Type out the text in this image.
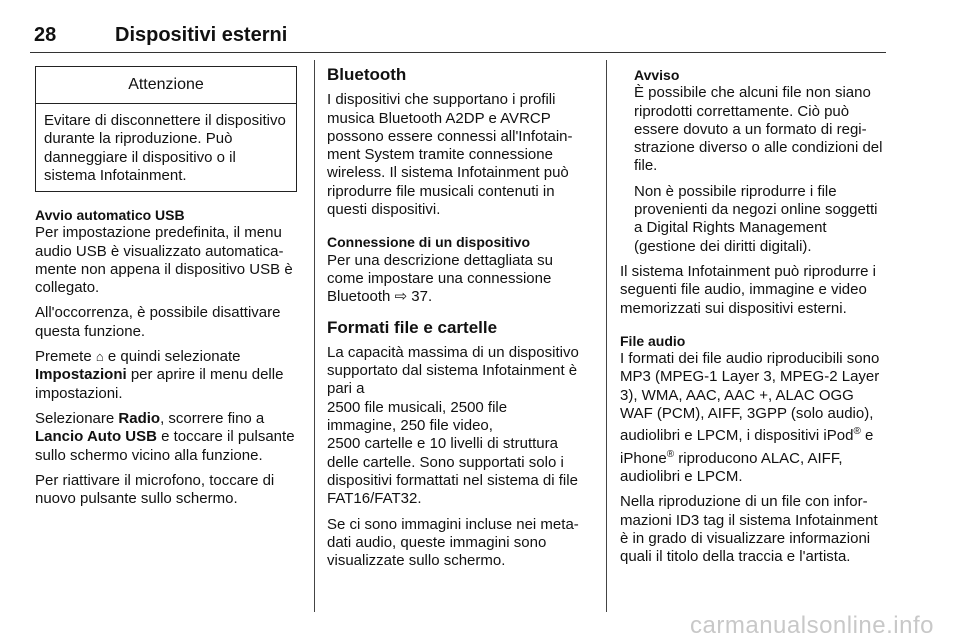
28	Dispositivi esterni
Attenzione
Evitare di disconnettere il dispositivo durante la riproduzione. Può danneggiare il dispositivo o il sistema Infotainment.

Avvio automatico USB

Per impostazione predefinita, il menu audio USB è visualizzato automaticamente non appena il dispositivo USB è collegato.

All'occorrenza, è possibile disattivare questa funzione.

Premete ⌂ e quindi selezionate Impostazioni per aprire il menu delle impostazioni.

Selezionare Radio, scorrere fino a Lancio Auto USB e toccare il pulsante sullo schermo vicino alla funzione.

Per riattivare il microfono, toccare di nuovo pulsante sullo schermo.

Bluetooth

I dispositivi che supportano i profili musica Bluetooth A2DP e AVRCP possono essere connessi all'Infotainment System tramite connessione wireless. Il sistema Infotainment può riprodurre file musicali contenuti in questi dispositivi.

Connessione di un dispositivo

Per una descrizione dettagliata su come impostare una connessione Bluetooth ⇨ 37.

Formati file e cartelle

La capacità massima di un dispositivo supportato dal sistema Infotainment è pari a
2500 file musicali, 2500 file
immagine, 250 file video,
2500 cartelle e 10 livelli di struttura
delle cartelle. Sono supportati solo i dispositivi formattati nel sistema di file FAT16/FAT32.

Se ci sono immagini incluse nei metadati audio, queste immagini sono visualizzate sullo schermo.

Avviso

È possibile che alcuni file non siano riprodotti correttamente. Ciò può essere dovuto a un formato di registrazione diverso o alle condizioni del file.

Non è possibile riprodurre i file provenienti da negozi online soggetti a Digital Rights Management (gestione dei diritti digitali).

Il sistema Infotainment può riprodurre i seguenti file audio, immagine e video memorizzati sui dispositivi esterni.

File audio

I formati dei file audio riproducibili sono MP3 (MPEG-1 Layer 3, MPEG-2 Layer 3), WMA, AAC, AAC +, ALAC OGG WAF (PCM), AIFF, 3GPP (solo audio), audiolibri e LPCM, i dispositivi iPod® e iPhone® riproducono ALAC, AIFF, audiolibri e LPCM.

Nella riproduzione di un file con informazioni ID3 tag il sistema Infotainment è in grado di visualizzare informazioni quali il titolo della traccia e l'artista.

carmanualsonline.info
